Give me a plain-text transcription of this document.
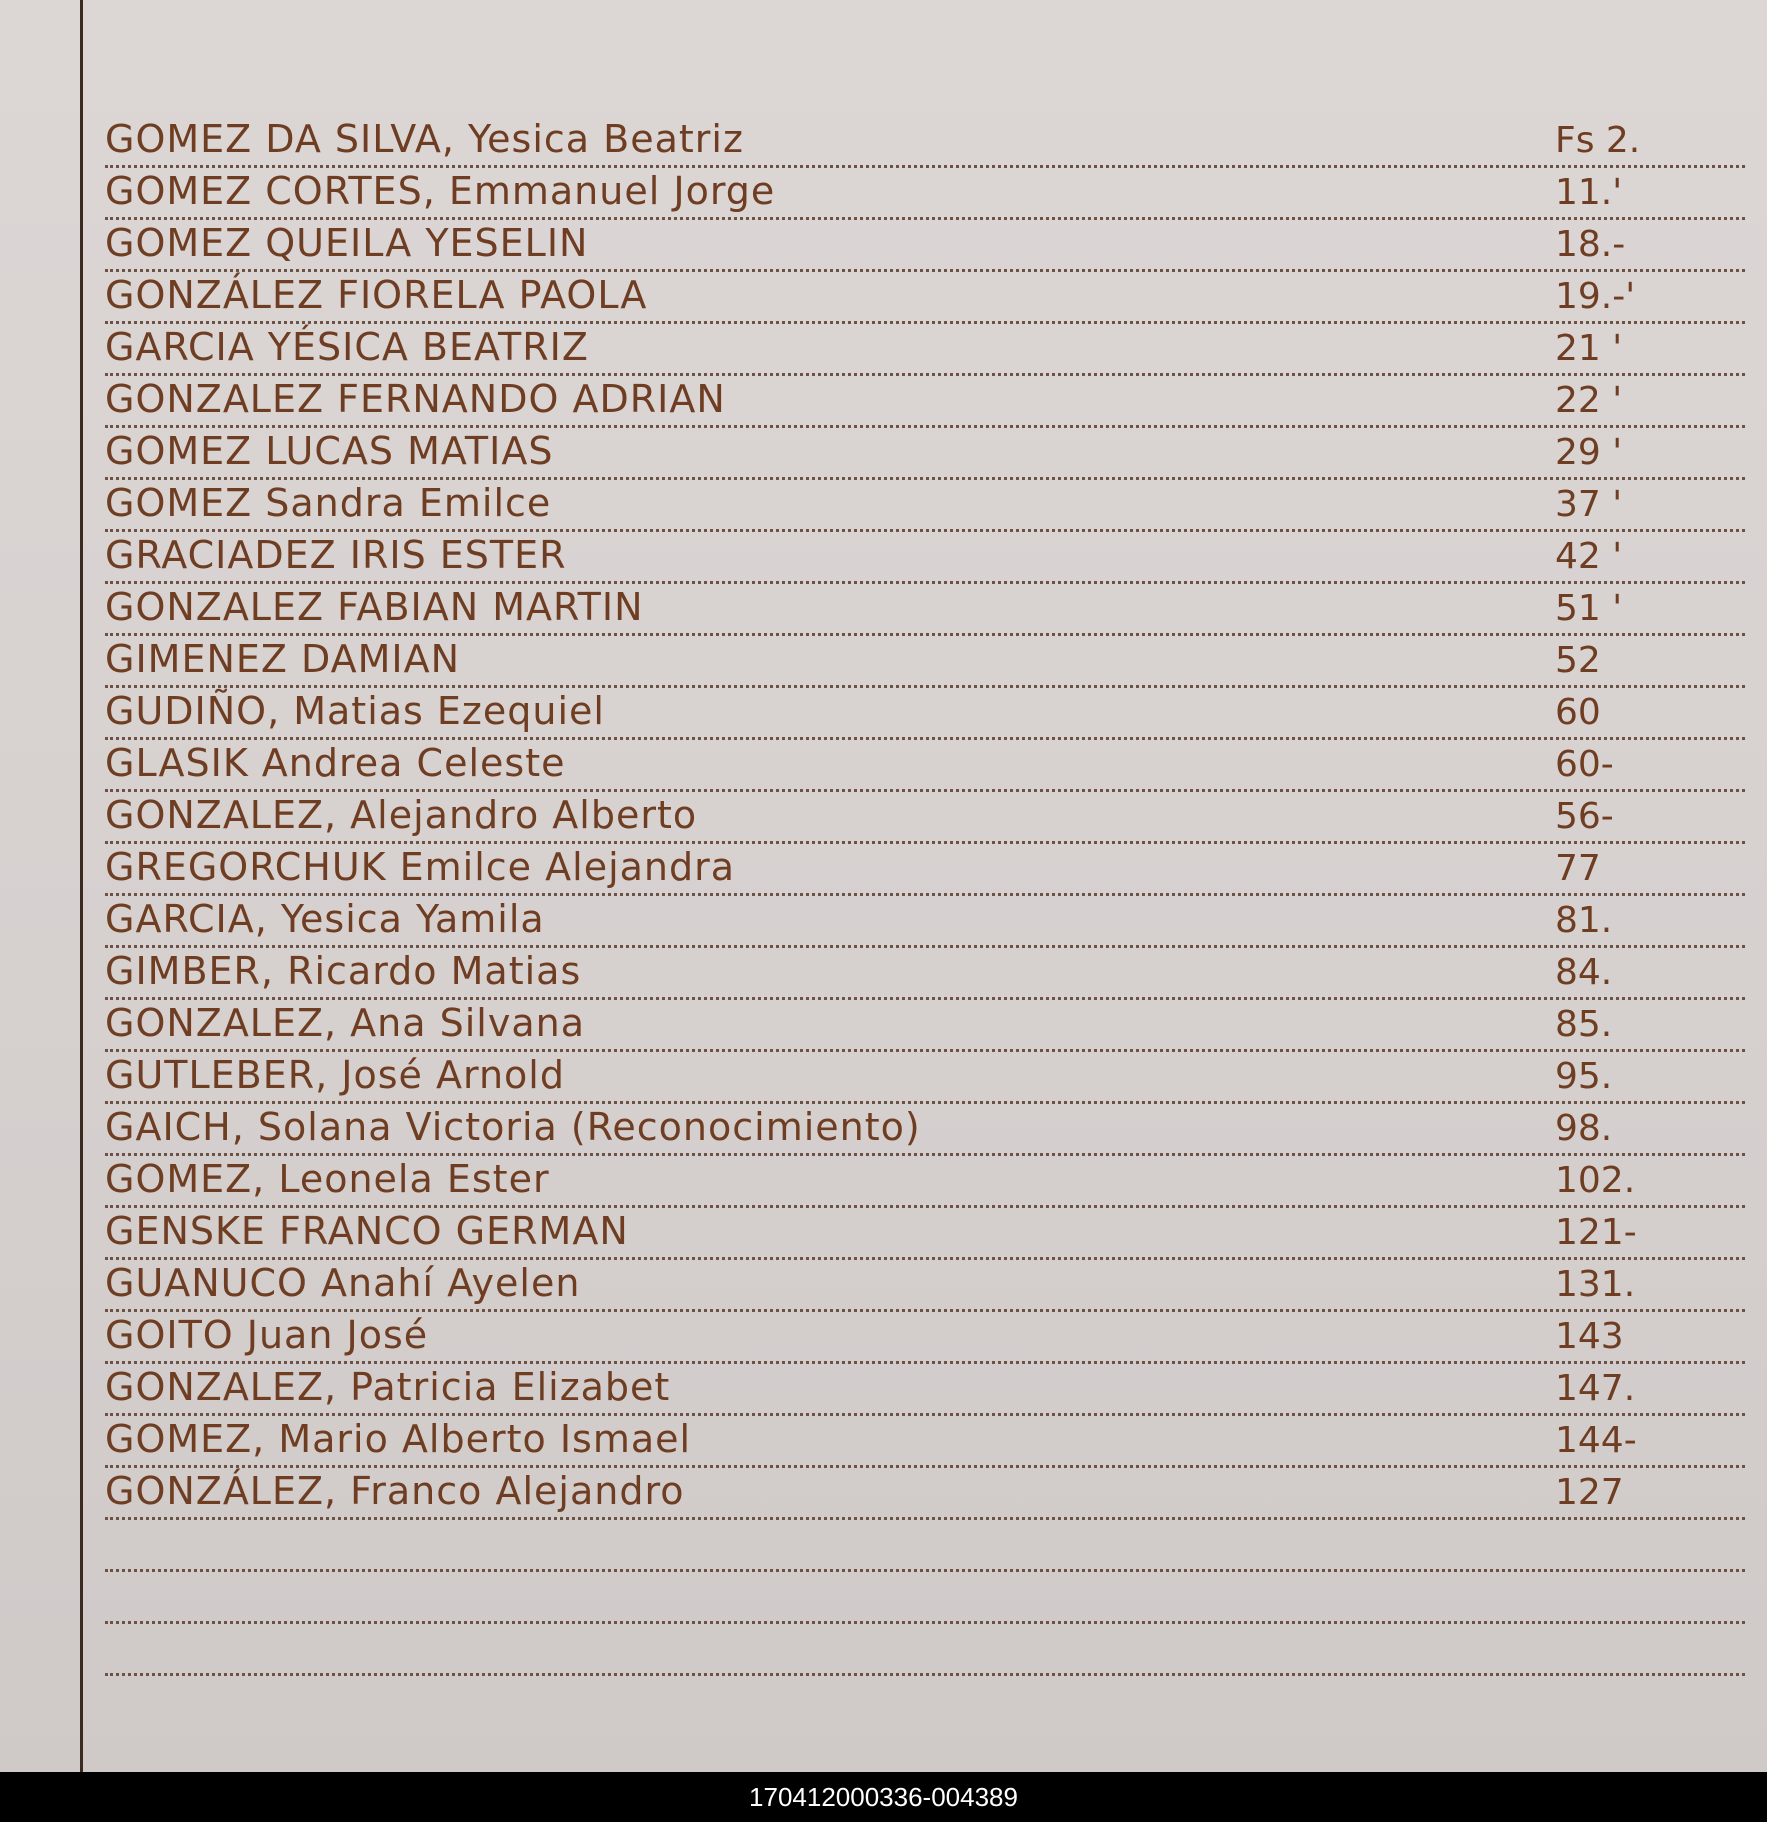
GOMEZ DA SILVA, Yesica Beatriz	Fs 2.
GOMEZ CORTES, Emmanuel Jorge	11.'
GOMEZ QUEILA YESELIN	18.-
GONZÁLEZ FIORELA PAOLA	19.-'
GARCIA YÉSICA BEATRIZ	21 '
GONZALEZ FERNANDO ADRIAN	22 '
GOMEZ LUCAS MATIAS	29 '
GOMEZ Sandra Emilce	37 '
GRACIADEZ IRIS ESTER	42 '
GONZALEZ FABIAN MARTIN	51 '
GIMENEZ DAMIAN	52
GUDIÑO, Matias Ezequiel	60
GLASIK Andrea Celeste	60-
GONZALEZ, Alejandro Alberto	56-
GREGORCHUK Emilce Alejandra	77
GARCIA, Yesica Yamila	81.
GIMBER, Ricardo Matias	84.
GONZALEZ, Ana Silvana	85.
GUTLEBER, José Arnold	95.
GAICH, Solana Victoria (Reconocimiento)	98.
GOMEZ, Leonela Ester	102.
GENSKE FRANCO GERMAN	121-
GUANUCO Anahí Ayelen	131.
GOITO Juan José	143
GONZALEZ, Patricia Elizabet	147.
GOMEZ, Mario Alberto Ismael	144-
GONZÁLEZ, Franco Alejandro	127
170412000336-004389
